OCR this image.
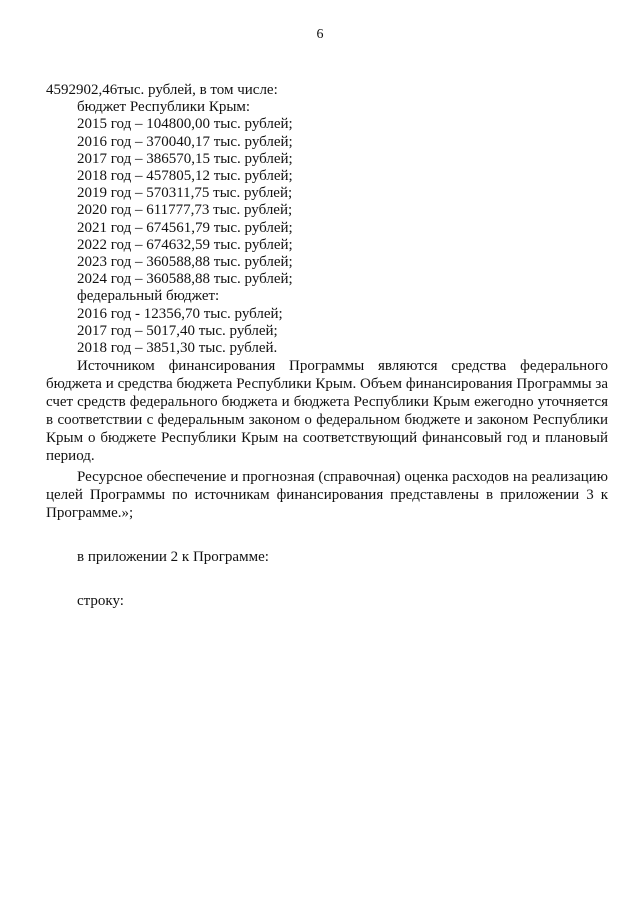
6
4592902,46тыс. рублей, в том числе:
бюджет Республики Крым:
2015 год – 104800,00 тыс. рублей;
2016 год – 370040,17 тыс. рублей;
2017 год – 386570,15 тыс. рублей;
2018 год – 457805,12 тыс. рублей;
2019 год – 570311,75 тыс. рублей;
2020 год – 611777,73 тыс. рублей;
2021 год – 674561,79 тыс. рублей;
2022 год – 674632,59 тыс. рублей;
2023 год – 360588,88 тыс. рублей;
2024 год – 360588,88 тыс. рублей;
федеральный бюджет:
2016 год - 12356,70 тыс. рублей;
2017 год – 5017,40 тыс. рублей;
2018 год – 3851,30 тыс. рублей.
Источником финансирования Программы являются средства федерального бюджета и средства бюджета Республики Крым. Объем финансирования Программы за счет средств федерального бюджета и бюджета Республики Крым ежегодно уточняется в соответствии с федеральным законом о федеральном бюджете и законом Республики Крым о бюджете Республики Крым на соответствующий финансовый год и плановый период.
Ресурсное обеспечение и прогнозная (справочная) оценка расходов на реализацию целей Программы по источникам финансирования представлены в приложении 3 к Программе.»;
в приложении 2 к Программе:
строку:
